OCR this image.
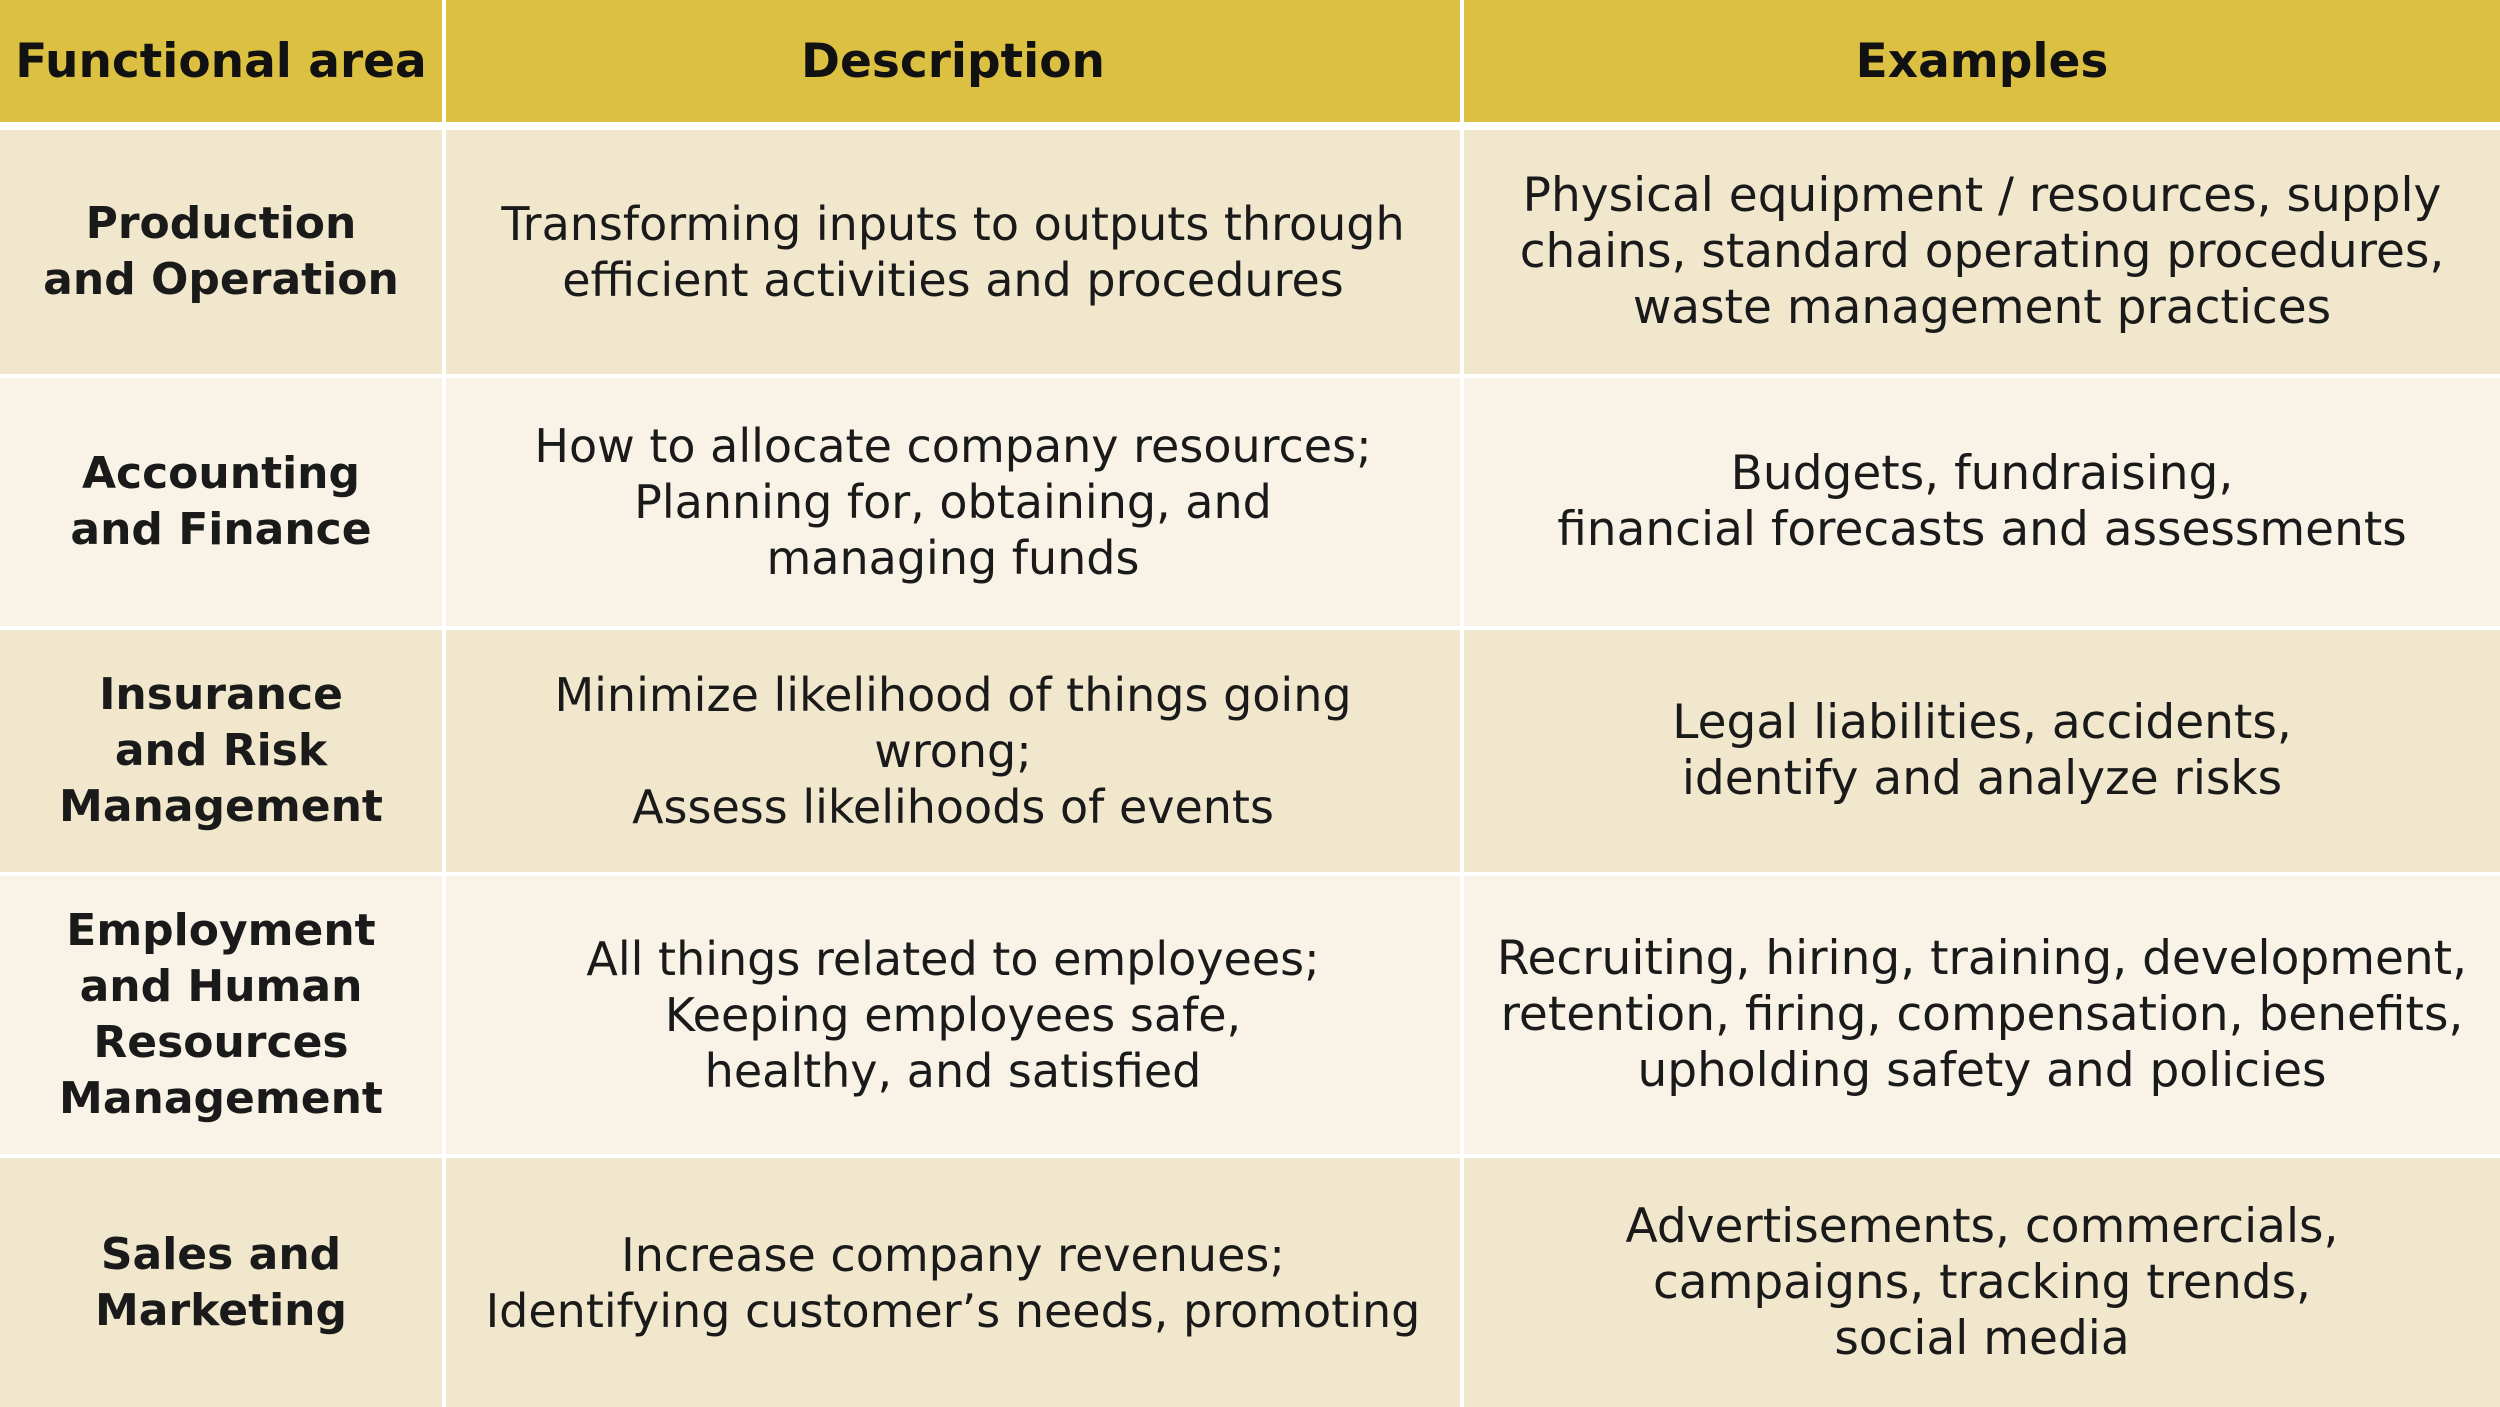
Functional area	Description	Examples
Production
and Operation
Transforming inputs to outputs through
efficient activities and procedures
Physical equipment / resources, supply
chains, standard operating procedures,
waste management practices
Accounting
and Finance
How to allocate company resources;
Planning for, obtaining, and
managing funds
Budgets, fundraising,
financial forecasts and assessments
Insurance
and Risk
Management
Minimize likelihood of things going wrong;
Assess likelihoods of events
Legal liabilities, accidents,
identify and analyze risks
Employment
and Human
Resources
Management
All things related to employees;
Keeping employees safe,
healthy, and satisfied
Recruiting, hiring, training, development,
retention, firing, compensation, benefits,
upholding safety and policies
Sales and
Marketing
Increase company revenues;
Identifying customer’s needs, promoting
Advertisements, commercials,
campaigns, tracking trends,
social media
